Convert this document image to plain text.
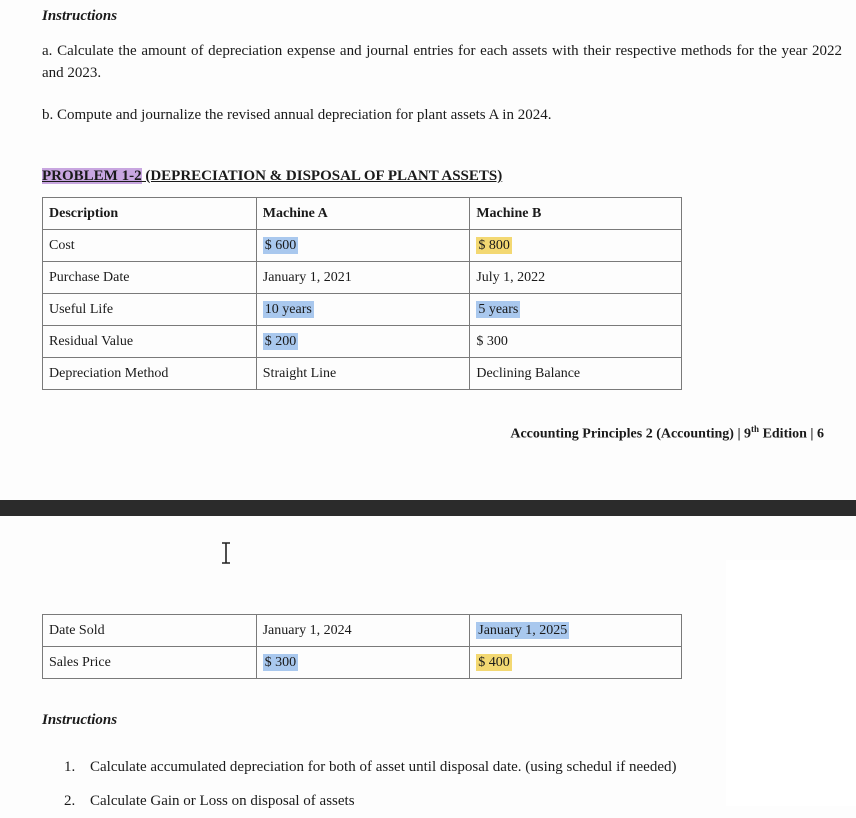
Instructions
a. Calculate the amount of depreciation expense and journal entries for each assets with their respective methods for the year 2022 and 2023.
b. Compute and journalize the revised annual depreciation for plant assets A in 2024.
PROBLEM 1-2 (DEPRECIATION & DISPOSAL OF PLANT ASSETS)
Description	Machine A	Machine B
Cost	$ 600	$ 800
Purchase Date	January 1, 2021	July 1, 2022
Useful Life	10 years	5 years
Residual Value	$ 200	$ 300
Depreciation Method	Straight Line	Declining Balance
Accounting Principles 2 (Accounting) | 9th Edition | 6
Date Sold	January 1, 2024	January 1, 2025
Sales Price	$ 300	$ 400
Instructions
1. Calculate accumulated depreciation for both of asset until disposal date. (using schedul if needed)
2. Calculate Gain or Loss on disposal of assets
